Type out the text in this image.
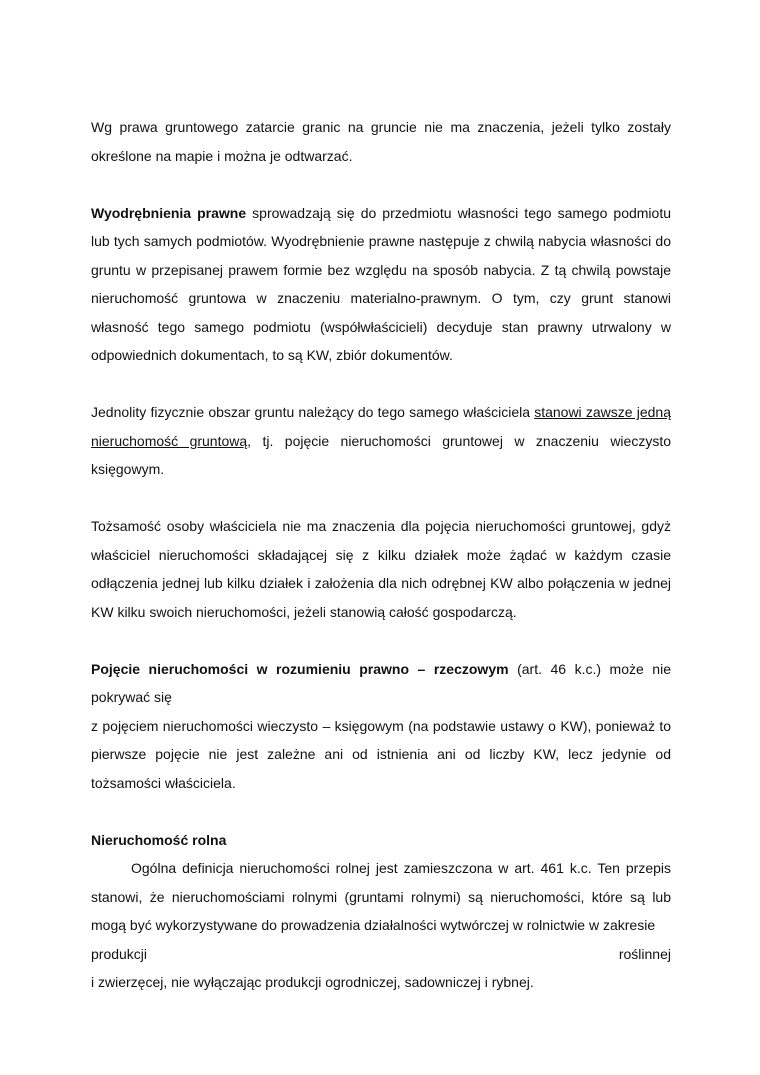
Wg prawa gruntowego zatarcie granic na gruncie nie ma znaczenia, jeżeli tylko zostały określone na mapie i można je odtwarzać.

Wyodrębnienia prawne sprowadzają się do przedmiotu własności tego samego podmiotu lub tych samych podmiotów. Wyodrębnienie prawne następuje z chwilą nabycia własności do gruntu w przepisanej prawem formie bez względu na sposób nabycia. Z tą chwilą powstaje nieruchomość gruntowa w znaczeniu materialno-prawnym. O tym, czy grunt stanowi własność tego samego podmiotu (współwłaścicieli) decyduje stan prawny utrwalony w odpowiednich dokumentach, to są KW, zbiór dokumentów.

Jednolity fizycznie obszar gruntu należący do tego samego właściciela stanowi zawsze jedną nieruchomość gruntową, tj. pojęcie nieruchomości gruntowej w znaczeniu wieczysto księgowym.

Tożsamość osoby właściciela nie ma znaczenia dla pojęcia nieruchomości gruntowej, gdyż właściciel nieruchomości składającej się z kilku działek może żądać w każdym czasie odłączenia jednej lub kilku działek i założenia dla nich odrębnej KW albo połączenia w jednej KW kilku swoich nieruchomości, jeżeli stanowią całość gospodarczą.

Pojęcie nieruchomości w rozumieniu prawno – rzeczowym (art. 46 k.c.) może nie pokrywać się
z pojęciem nieruchomości wieczysto – księgowym (na podstawie ustawy o KW), ponieważ to pierwsze pojęcie nie jest zależne ani od istnienia ani od liczby KW, lecz jedynie od tożsamości właściciela.

Nieruchomość rolna

Ogólna definicja nieruchomości rolnej jest zamieszczona w art. 461 k.c. Ten przepis stanowi, że nieruchomościami rolnymi (gruntami rolnymi) są nieruchomości, które są lub mogą być wykorzystywane do prowadzenia działalności wytwórczej w rolnictwie w zakresie

produkcji roślinnej

i zwierzęcej, nie wyłączając produkcji ogrodniczej, sadowniczej i rybnej.
